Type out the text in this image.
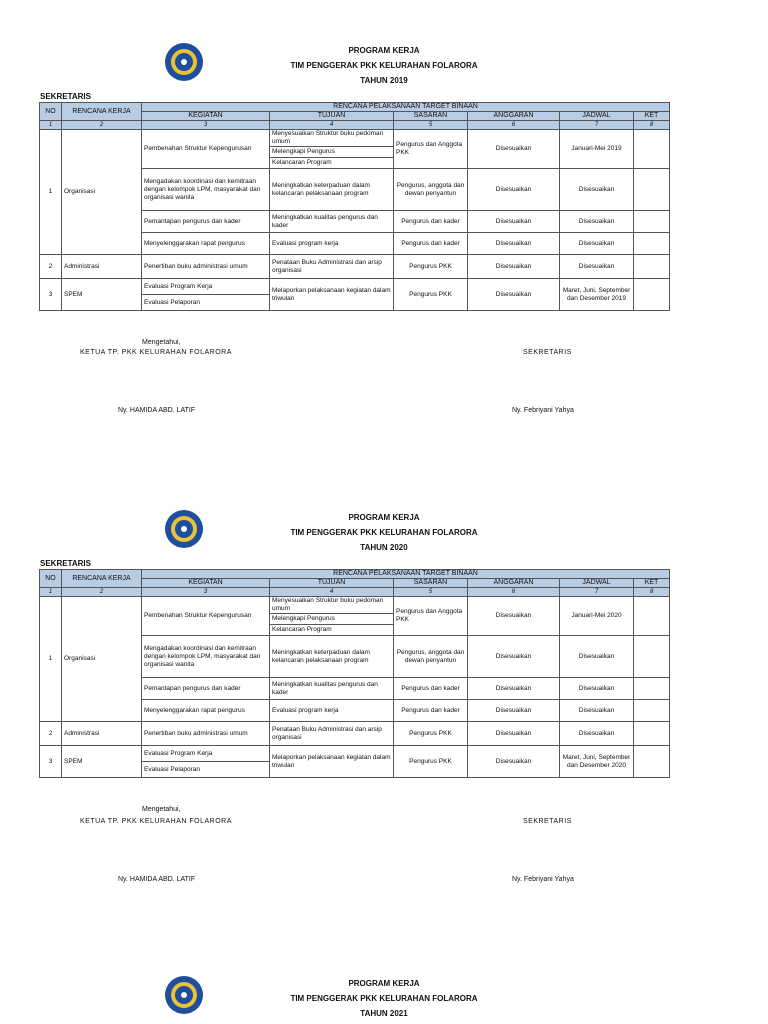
PROGRAM KERJA
TIM PENGGERAK PKK KELURAHAN FOLARORA
TAHUN 2019
SEKRETARIS
NO	RENCANA KERJA	RENCANA PELAKSANAAN TARGET BINAAN					
		KEGIATAN	TUJUAN	SASARAN	ANGGARAN	JADWAL	KET
1	2	3	4	5	6	7	8
1	Organisasi	Pembenahan Struktur Kepengurusan	Menyesuaikan Struktur buku pedoman umum	Pengurus dan Anggota PKK	Disesuaikan	Januari-Mei 2019	
			Melengkapi Pengurus				
			Kelancaran Program				
		Mengadakan koordinasi dan kemitraan dengan kelompok LPM, masyarakat dan organisasi wanita	Meningkatkan keterpaduan dalam kelancaran pelaksanaan program	Pengurus, anggota dan dewan penyantun	Disesuaikan	Disesuaikan	
		Pemantapan pengurus dan kader	Meningkatkan kualitas pengurus dan kader	Pengurus dan kader	Disesuaikan	Disesuaikan	
		Menyelenggarakan rapat pengurus	Evaluasi program kerja	Pengurus dan kader	Disesuaikan	Disesuaikan	
2	Administrasi	Penertiban buku administrasi umum	Penataan Buku Administrasi dan arsip organisasi	Pengurus PKK	Disesuaikan	Disesuaikan	
3	SPEM	Evaluasi Program Kerja	Melaporkan pelaksanaan kegiatan dalam triwulan	Pengurus PKK	Disesuaikan	Maret, Juni, September dan Desember 2019	
		Evaluasi Pelaporan					
Mengetahui,
KETUA TP. PKK KELURAHAN FOLARORA	SEKRETARIS
Ny. HAMIDA ABD. LATIF	Ny. Febriyani Yahya
PROGRAM KERJA
TIM PENGGERAK PKK KELURAHAN FOLARORA
TAHUN 2020
SEKRETARIS
NO	RENCANA KERJA	RENCANA PELAKSANAAN TARGET BINAAN					
		KEGIATAN	TUJUAN	SASARAN	ANGGARAN	JADWAL	KET
1	2	3	4	5	6	7	8
1	Organisasi	Pembenahan Struktur Kepengurusan	Menyesuaikan Struktur buku pedoman umum	Pengurus dan Anggota PKK	Disesuaikan	Januari-Mei 2020	
			Melengkapi Pengurus				
			Kelancaran Program				
		Mengadakan koordinasi dan kemitraan dengan kelompok LPM, masyarakat dan organisasi wanita	Meningkatkan keterpaduan dalam kelancaran pelaksanaan program	Pengurus, anggota dan dewan penyantun	Disesuaikan	Disesuaikan	
		Pemantapan pengurus dan kader	Meningkatkan kualitas pengurus dan kader	Pengurus dan kader	Disesuaikan	Disesuaikan	
		Menyelenggarakan rapat pengurus	Evaluasi program kerja	Pengurus dan kader	Disesuaikan	Disesuaikan	
2	Administrasi	Penertiban buku administrasi umum	Penataan Buku Administrasi dan arsip organisasi	Pengurus PKK	Disesuaikan	Disesuaikan	
3	SPEM	Evaluasi Program Kerja	Melaporkan pelaksanaan kegiatan dalam triwulan	Pengurus PKK	Disesuaikan	Maret, Juni, September dan Desember 2020	
		Evaluasi Pelaporan					
Mengetahui,
KETUA TP. PKK KELURAHAN FOLARORA	SEKRETARIS
Ny. HAMIDA ABD. LATIF	Ny. Febriyani Yahya
PROGRAM KERJA
TIM PENGGERAK PKK KELURAHAN FOLARORA
TAHUN 2021
